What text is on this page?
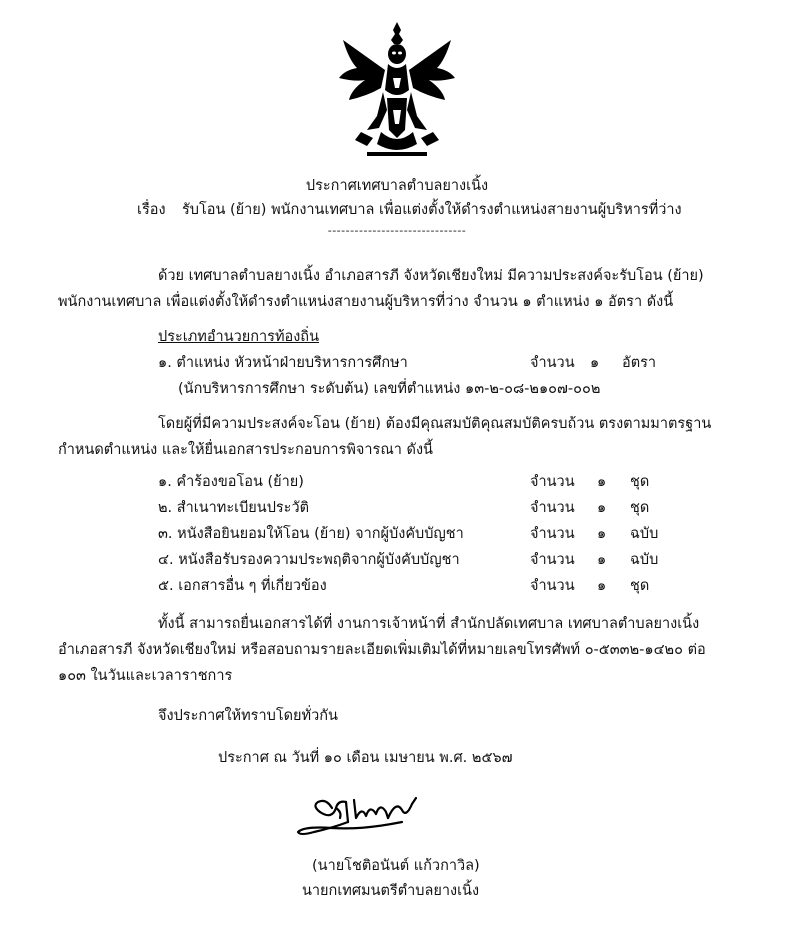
ประกาศเทศบาลตำบลยางเนิ้ง
เรื่อง รับโอน (ย้าย) พนักงานเทศบาล เพื่อแต่งตั้งให้ดำรงตำแหน่งสายงานผู้บริหารที่ว่าง
-------------------------------
ด้วย เทศบาลตำบลยางเนิ้ง อำเภอสารภี จังหวัดเชียงใหม่ มีความประสงค์จะรับโอน (ย้าย)
พนักงานเทศบาล เพื่อแต่งตั้งให้ดำรงตำแหน่งสายงานผู้บริหารที่ว่าง จำนวน ๑ ตำแหน่ง ๑ อัตรา ดังนี้
ประเภทอำนวยการท้องถิ่น
๑. ตำแหน่ง หัวหน้าฝ่ายบริหารการศึกษา	จำนวน ๑ อัตรา
(นักบริหารการศึกษา ระดับต้น) เลขที่ตำแหน่ง ๑๓-๒-๐๘-๒๑๐๗-๐๐๒
โดยผู้ที่มีความประสงค์จะโอน (ย้าย) ต้องมีคุณสมบัติคุณสมบัติครบถ้วน ตรงตามมาตรฐาน
กำหนดตำแหน่ง และให้ยื่นเอกสารประกอบการพิจารณา ดังนี้
๑. คำร้องขอโอน (ย้าย)	จำนวน ๑ ชุด
๒. สำเนาทะเบียนประวัติ	จำนวน ๑ ชุด
๓. หนังสือยินยอมให้โอน (ย้าย) จากผู้บังคับบัญชา	จำนวน ๑ ฉบับ
๔. หนังสือรับรองความประพฤติจากผู้บังคับบัญชา	จำนวน ๑ ฉบับ
๕. เอกสารอื่น ๆ ที่เกี่ยวข้อง	จำนวน ๑ ชุด
ทั้งนี้ สามารถยื่นเอกสารได้ที่ งานการเจ้าหน้าที่ สำนักปลัดเทศบาล เทศบาลตำบลยางเนิ้ง
อำเภอสารภี จังหวัดเชียงใหม่ หรือสอบถามรายละเอียดเพิ่มเติมได้ที่หมายเลขโทรศัพท์ ๐-๕๓๓๒-๑๔๒๐ ต่อ
๑๐๓ ในวันและเวลาราชการ
จึงประกาศให้ทราบโดยทั่วกัน
ประกาศ ณ วันที่ ๑๐ เดือน เมษายน พ.ศ. ๒๕๖๗
(นายโชติอนันต์ แก้วกาวิล)
นายกเทศมนตรีตำบลยางเนิ้ง
